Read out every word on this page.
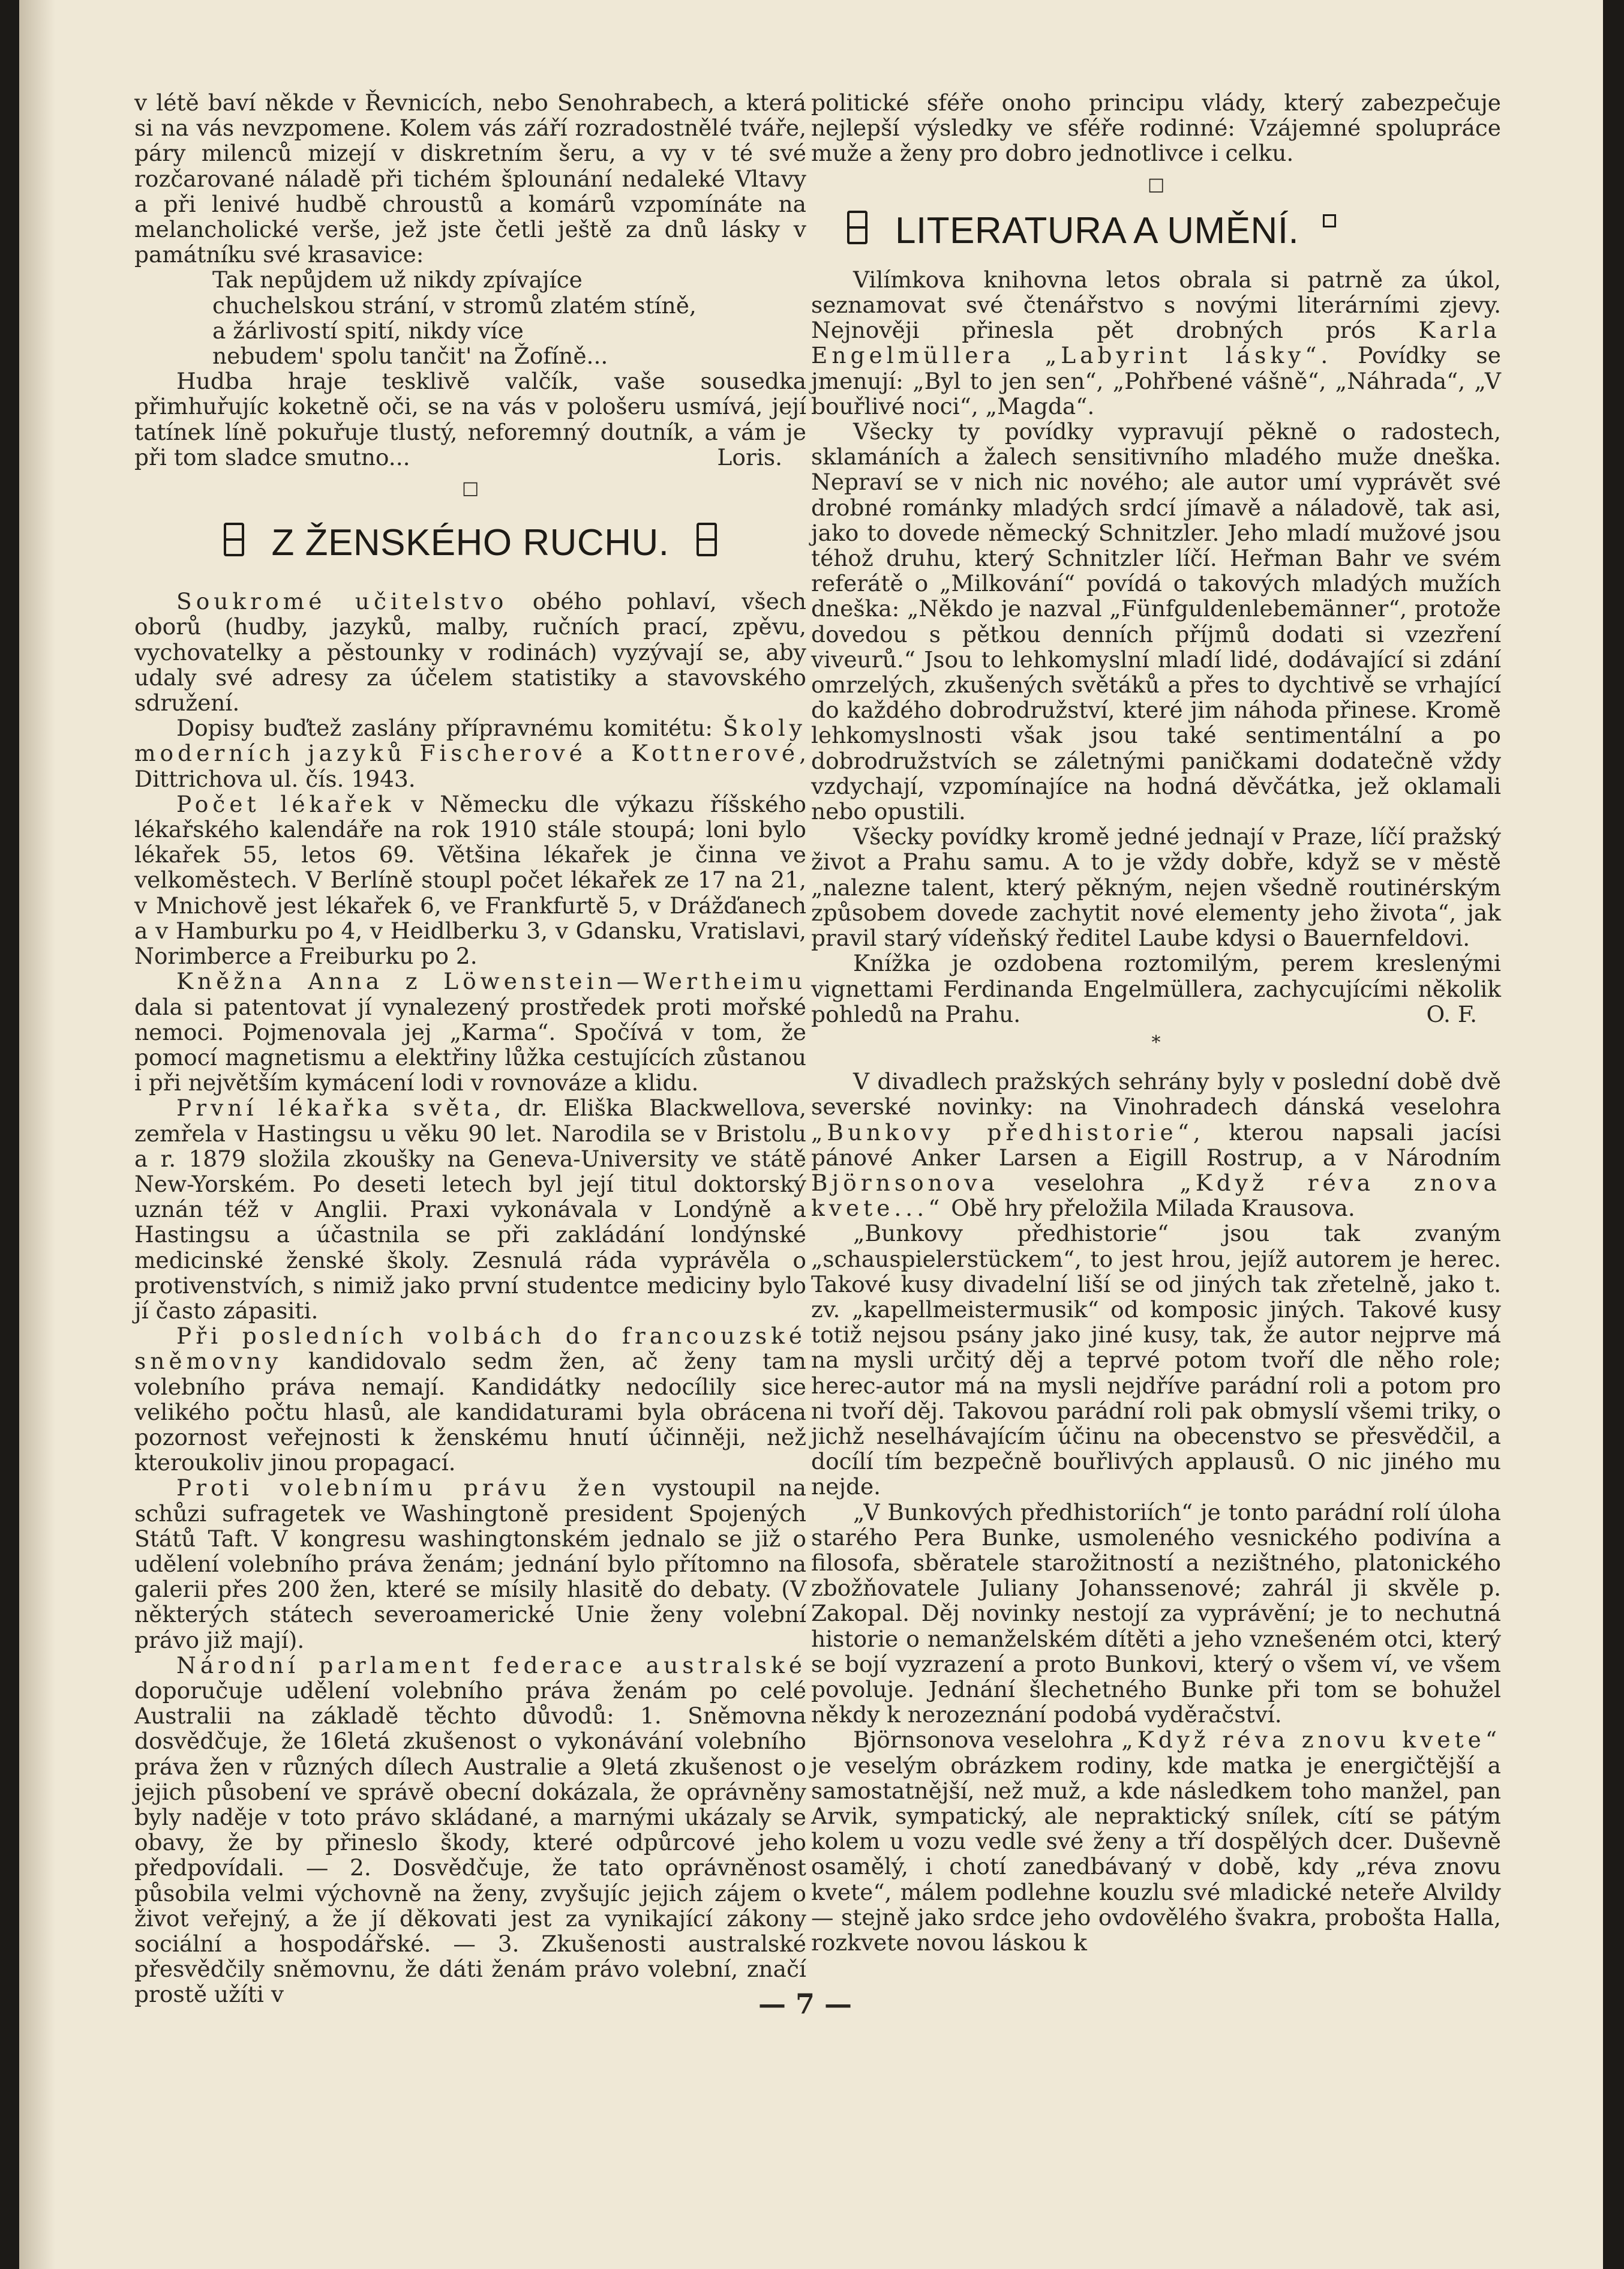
v létě baví někde v Řevnicích, nebo Senohrabech, a která si na vás nevzpomene. Kolem vás září rozradostnělé tváře, páry milenců mizejí v diskretním šeru, a vy v té své rozčarované náladě při tichém šplounání nedaleké Vltavy a při lenivé hudbě chroustů a komárů vzpomínáte na melancholické verše, jež jste četli ještě za dnů lásky v památníku své krasavice:

Tak nepůjdem už nikdy zpívajíce
chuchelskou strání, v stromů zlatém stíně,
a žárlivostí spití, nikdy více
nebudem' spolu tančit' na Žofíně...

Hudba hraje tesklivě valčík, vaše sousedka přimhuřujíc koketně oči, se na vás v pološeru usmívá, její tatínek líně pokuřuje tlustý, neforemný doutník, a vám je při tom sladce smutno...	Loris.

□
Z ŽENSKÉHO RUCHU.

Soukromé učitelstvo obého pohlaví, všech oborů (hudby, jazyků, malby, ručních prací, zpěvu, vychovatelky a pěstounky v rodinách) vyzývají se, aby udaly své adresy za účelem statistiky a stavovského sdružení.

Dopisy buďtež zaslány přípravnému komitétu: Školy moderních jazyků Fischerové a Kottnerové, Dittrichova ul. čís. 1943.

Počet lékařek v Německu dle výkazu říšského lékařského kalendáře na rok 1910 stále stoupá; loni bylo lékařek 55, letos 69. Většina lékařek je činna ve velkoměstech. V Berlíně stoupl počet lékařek ze 17 na 21, v Mnichově jest lékařek 6, ve Frankfurtě 5, v Drážďanech a v Hamburku po 4, v Heidlberku 3, v Gdansku, Vratislavi, Norimberce a Freiburku po 2.

Kněžna Anna z Löwenstein—Wertheimu dala si patentovat jí vynalezený prostředek proti mořské nemoci. Pojmenovala jej „Karma“. Spočívá v tom, že pomocí magnetismu a elektřiny lůžka cestujících zůstanou i při největším kymácení lodi v rovnováze a klidu.

První lékařka světa, dr. Eliška Blackwellova, zemřela v Hastingsu u věku 90 let. Narodila se v Bristolu a r. 1879 složila zkoušky na Geneva-University ve státě New-Yorském. Po deseti letech byl její titul doktorský uznán též v Anglii. Praxi vykonávala v Londýně a Hastingsu a účastnila se při zakládání londýnské medicinské ženské školy. Zesnulá ráda vyprávěla o protivenstvích, s nimiž jako první studentce mediciny bylo jí často zápasiti.

Při posledních volbách do francouzské sněmovny kandidovalo sedm žen, ač ženy tam volebního práva nemají. Kandidátky nedocílily sice velikého počtu hlasů, ale kandidaturami byla obrácena pozornost veřejnosti k ženskému hnutí účinněji, než kteroukoliv jinou propagací.

Proti volebnímu právu žen vystoupil na schůzi sufragetek ve Washingtoně president Spojených Států Taft. V kongresu washingtonském jednalo se již o udělení volebního práva ženám; jednání bylo přítomno na galerii přes 200 žen, které se mísily hlasitě do debaty. (V některých státech severoamerické Unie ženy volební právo již mají).

Národní parlament federace australské doporučuje udělení volebního práva ženám po celé Australii na základě těchto důvodů: 1. Sněmovna dosvědčuje, že 16letá zkušenost o vykonávání volebního práva žen v různých dílech Australie a 9letá zkušenost o jejich působení ve správě obecní dokázala, že oprávněny byly naděje v toto právo skládané, a marnými ukázaly se obavy, že by přineslo škody, které odpůrcové jeho předpovídali. — 2. Dosvědčuje, že tato oprávněnost působila velmi výchovně na ženy, zvyšujíc jejich zájem o život veřejný, a že jí děkovati jest za vynikající zákony sociální a hospodářské. — 3. Zkušenosti australské přesvědčily sněmovnu, že dáti ženám právo volební, značí prostě užíti v

politické sféře onoho principu vlády, který zabezpečuje nejlepší výsledky ve sféře rodinné: Vzájemné spolupráce muže a ženy pro dobro jednotlivce i celku.

□
LITERATURA A UMĚNÍ.

Vilímkova knihovna letos obrala si patrně za úkol, seznamovat své čtenářstvo s novými literárními zjevy. Nejnověji přinesla pět drobných prós Karla Engelmüllera „Labyrint lásky“. Povídky se jmenují: „Byl to jen sen“, „Pohřbené vášně“, „Náhrada“, „V bouřlivé noci“, „Magda“.

Všecky ty povídky vypravují pěkně o radostech, sklamáních a žalech sensitivního mladého muže dneška. Nepraví se v nich nic nového; ale autor umí vyprávět své drobné románky mladých srdcí jímavě a náladově, tak asi, jako to dovede německý Schnitzler. Jeho mladí mužové jsou téhož druhu, který Schnitzler líčí. Heřman Bahr ve svém referátě o „Milkování“ povídá o takových mladých mužích dneška: „Někdo je nazval „Fünfguldenlebemänner“, protože dovedou s pětkou denních příjmů dodati si vzezření viveurů.“ Jsou to lehkomyslní mladí lidé, dodávající si zdání omrzelých, zkušených světáků a přes to dychtivě se vrhající do každého dobrodružství, které jim náhoda přinese. Kromě lehkomyslnosti však jsou také sentimentální a po dobrodružstvích se záletnými paničkami dodatečně vždy vzdychají, vzpomínajíce na hodná děvčátka, jež oklamali nebo opustili.

Všecky povídky kromě jedné jednají v Praze, líčí pražský život a Prahu samu. A to je vždy dobře, když se v městě „nalezne talent, který pěkným, nejen všedně routinérským způsobem dovede zachytit nové elementy jeho života“, jak pravil starý vídeňský ředitel Laube kdysi o Bauernfeldovi.

Knížka je ozdobena roztomilým, perem kreslenými vignettami Ferdinanda Engelmüllera, zachycujícími několik pohledů na Prahu.	O. F.

*

V divadlech pražských sehrány byly v poslední době dvě severské novinky: na Vinohradech dánská veselohra „Bunkovy předhistorie“, kterou napsali jacísi pánové Anker Larsen a Eigill Rostrup, a v Národním Björnsonova veselohra „Když réva znova kvete...“ Obě hry přeložila Milada Krausova.

„Bunkovy předhistorie“ jsou tak zvaným „schauspielerstückem“, to jest hrou, jejíž autorem je herec. Takové kusy divadelní liší se od jiných tak zřetelně, jako t. zv. „kapellmeistermusik“ od komposic jiných. Takové kusy totiž nejsou psány jako jiné kusy, tak, že autor nejprve má na mysli určitý děj a teprvé potom tvoří dle něho role; herec-autor má na mysli nejdříve parádní roli a potom pro ni tvoří děj. Takovou parádní roli pak obmyslí všemi triky, o jichž neselhávajícím účinu na obecenstvo se přesvědčil, a docílí tím bezpečně bouřlivých applausů. O nic jiného mu nejde.

„V Bunkových předhistoriích“ je tonto parádní rolí úloha starého Pera Bunke, usmoleného vesnického podivína a filosofa, sběratele starožitností a nezištného, platonického zbožňovatele Juliany Johanssenové; zahrál ji skvěle p. Zakopal. Děj novinky nestojí za vyprávění; je to nechutná historie o nemanželském dítěti a jeho vznešeném otci, který se bojí vyzrazení a proto Bunkovi, který o všem ví, ve všem povoluje. Jednání šlechetného Bunke při tom se bohužel někdy k nerozeznání podobá vyděračství.

Björnsonova veselohra „Když réva znovu kvete“ je veselým obrázkem rodiny, kde matka je energičtější a samostatnější, než muž, a kde následkem toho manžel, pan Arvik, sympatický, ale nepraktický snílek, cítí se pátým kolem u vozu vedle své ženy a tří dospělých dcer. Duševně osamělý, i chotí zanedbávaný v době, kdy „réva znovu kvete“, málem podlehne kouzlu své mladické neteře Alvildy — stejně jako srdce jeho ovdovělého švakra, probošta Halla, rozkvete novou láskou k

— 7 —
